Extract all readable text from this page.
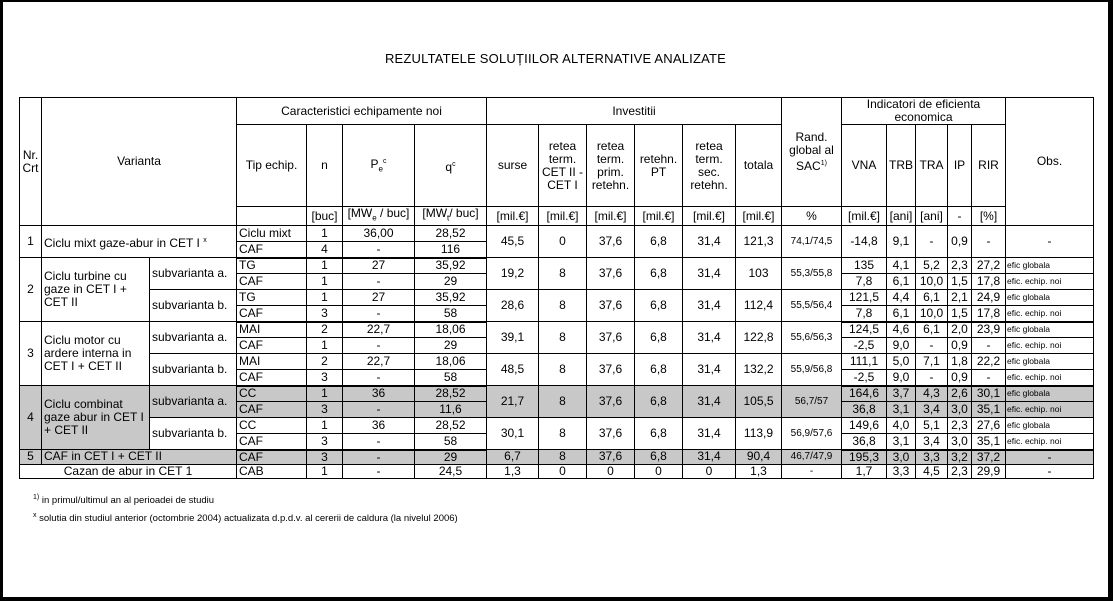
REZULTATELE SOLUȚIILOR ALTERNATIVE ANALIZATE
Nr. Crt	Varianta		Caracteristici echipamente noi				Investitii						Rand. global al SAC$^{1)}$	Indicatori de eficienta economica					Obs.
			Tip echip.	n	$P_e^c$	$q^c$	surse	retea term. CET II - CET I	retea term. prim. retehn.	retehn. PT	retea term. sec. retehn.	totala		VNA	TRB	TRA	IP	RIR	
				[buc]	$[MW_e / buc]$	[$MW_t/$ buc]	[mil.€]	[mil.€]	[mil.€]	[mil.€]	[mil.€]	[mil.€]	%	[mil.€]	[ani]	[ani]	-	[%]	
1	Ciclu mixt gaze-abur in CET I $^x$		Ciclu mixt	1	36,00	28,52	45,5	0	37,6	6,8	31,4	121,3	74,1/74,5	-14,8	9,1	-	0,9	-	-
			CAF	4	-	116													
2	Ciclu turbine cu gaze in CET I + CET II	subvarianta a.	TG	1	27	35,92	19,2	8	37,6	6,8	31,4	103	55,3/55,8	135	4,1	5,2	2,3	27,2	efic globala
			CAF	1	-	29								7,8	6,1	10,0	1,5	17,8	efic. echip. noi
		subvarianta b.	TG	1	27	35,92	28,6	8	37,6	6,8	31,4	112,4	55,5/56,4	121,5	4,4	6,1	2,1	24,9	efic globala
			CAF	3	-	58								7,8	6,1	10,0	1,5	17,8	efic. echip. noi
3	Ciclu motor cu ardere interna in CET I + CET II	subvarianta a.	MAI	2	22,7	18,06	39,1	8	37,6	6,8	31,4	122,8	55,6/56,3	124,5	4,6	6,1	2,0	23,9	efic globala
			CAF	1	-	29								-2,5	9,0	-	0,9	-	efic. echip. noi
		subvarianta b.	MAI	2	22,7	18,06	48,5	8	37,6	6,8	31,4	132,2	55,9/56,8	111,1	5,0	7,1	1,8	22,2	efic globala
			CAF	3	-	58								-2,5	9,0	-	0,9	-	efic. echip. noi
4	Ciclu combinat gaze abur in CET I + CET II	subvarianta a.	CC	1	36	28,52	21,7	8	37,6	6,8	31,4	105,5	56,7/57	164,6	3,7	4,3	2,6	30,1	efic globala
			CAF	3	-	11,6								36,8	3,1	3,4	3,0	35,1	efic. echip. noi
		subvarianta b.	CC	1	36	28,52	30,1	8	37,6	6,8	31,4	113,9	56,9/57,6	149,6	4,0	5,1	2,3	27,6	efic globala
			CAF	3	-	58								36,8	3,1	3,4	3,0	35,1	efic. echip. noi
5	CAF in CET I + CET II		CAF	3	-	29	6,7	8	37,6	6,8	31,4	90,4	46,7/47,9	195,3	3,0	3,3	3,2	37,2	-
Cazan de abur in CET 1			CAB	1	-	24,5	1,3	0	0	0	0	1,3	-	1,7	3,3	4,5	2,3	29,9	-
$^{1)}$ in primul/ultimul an al perioadei de studiu
$^x$ solutia din studiul anterior (octombrie 2004) actualizata d.p.d.v. al cererii de caldura (la nivelul 2006)
